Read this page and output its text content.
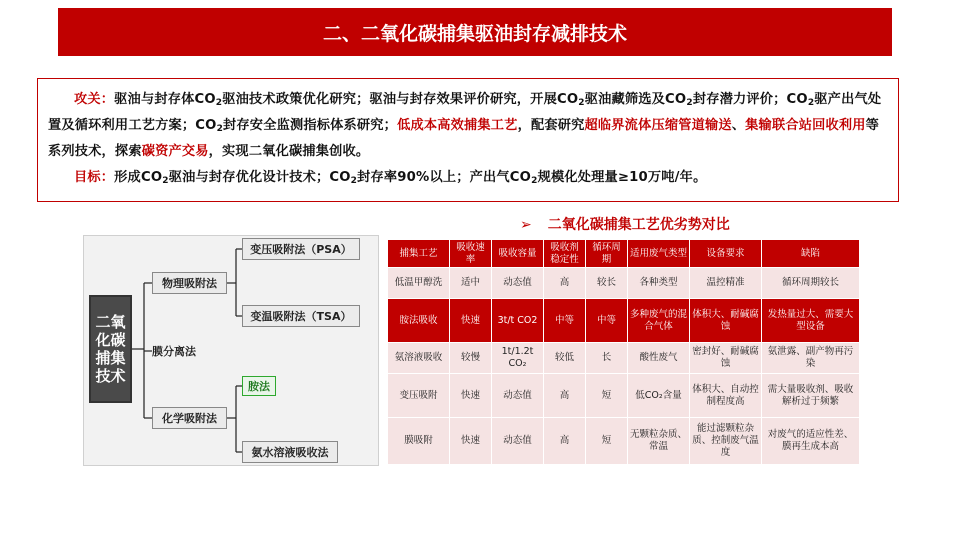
二、二氧化碳捕集驱油封存减排技术

攻关：驱油与封存体$CO_2$驱油技术政策优化研究；驱油与封存效果评价研究，开展$CO_2$驱油藏筛选及$CO_2$封存潜力评价；$CO_2$驱产出气处置及循环利用工艺方案；$CO_2$封存安全监测指标体系研究；低成本高效捕集工艺，配套研究超临界流体压缩管道输送、集输联合站回收利用等系列技术，探索碳资产交易，实现二氧化碳捕集创收。

目标：形成$CO_2$驱油与封存优化设计技术；$CO_2$封存率90%以上；产出气$CO_2$规模化处理量≥10万吨/年。

➢ 二氧化碳捕集工艺优劣势对比
二氧化碳捕集技术
物理吸附法
膜分离法
化学吸附法
变压吸附法（PSA）
变温吸附法（TSA）
胺法
氨水溶液吸收法
捕集工艺	吸收速率	吸收容量	吸收剂稳定性	循环周期	适用废气类型	设备要求	缺陷
低温甲醇洗	适中	动态值	高	较长	各种类型	温控精准	循环周期较长
胺法吸收	快速	3t/t CO2	中等	中等	多种废气的混合气体	体积大、耐碱腐蚀	发热量过大、需要大型设备
氨溶液吸收	较慢	1t/1.2t CO₂	较低	长	酸性废气	密封好、耐碱腐蚀	氨泄露、副产物再污染
变压吸附	快速	动态值	高	短	低CO₂含量	体积大、自动控制程度高	需大量吸收剂、吸收解析过于频繁
膜吸附	快速	动态值	高	短	无颗粒杂质、常温	能过滤颗粒杂质、控制废气温度	对废气的适应性差、膜再生成本高
